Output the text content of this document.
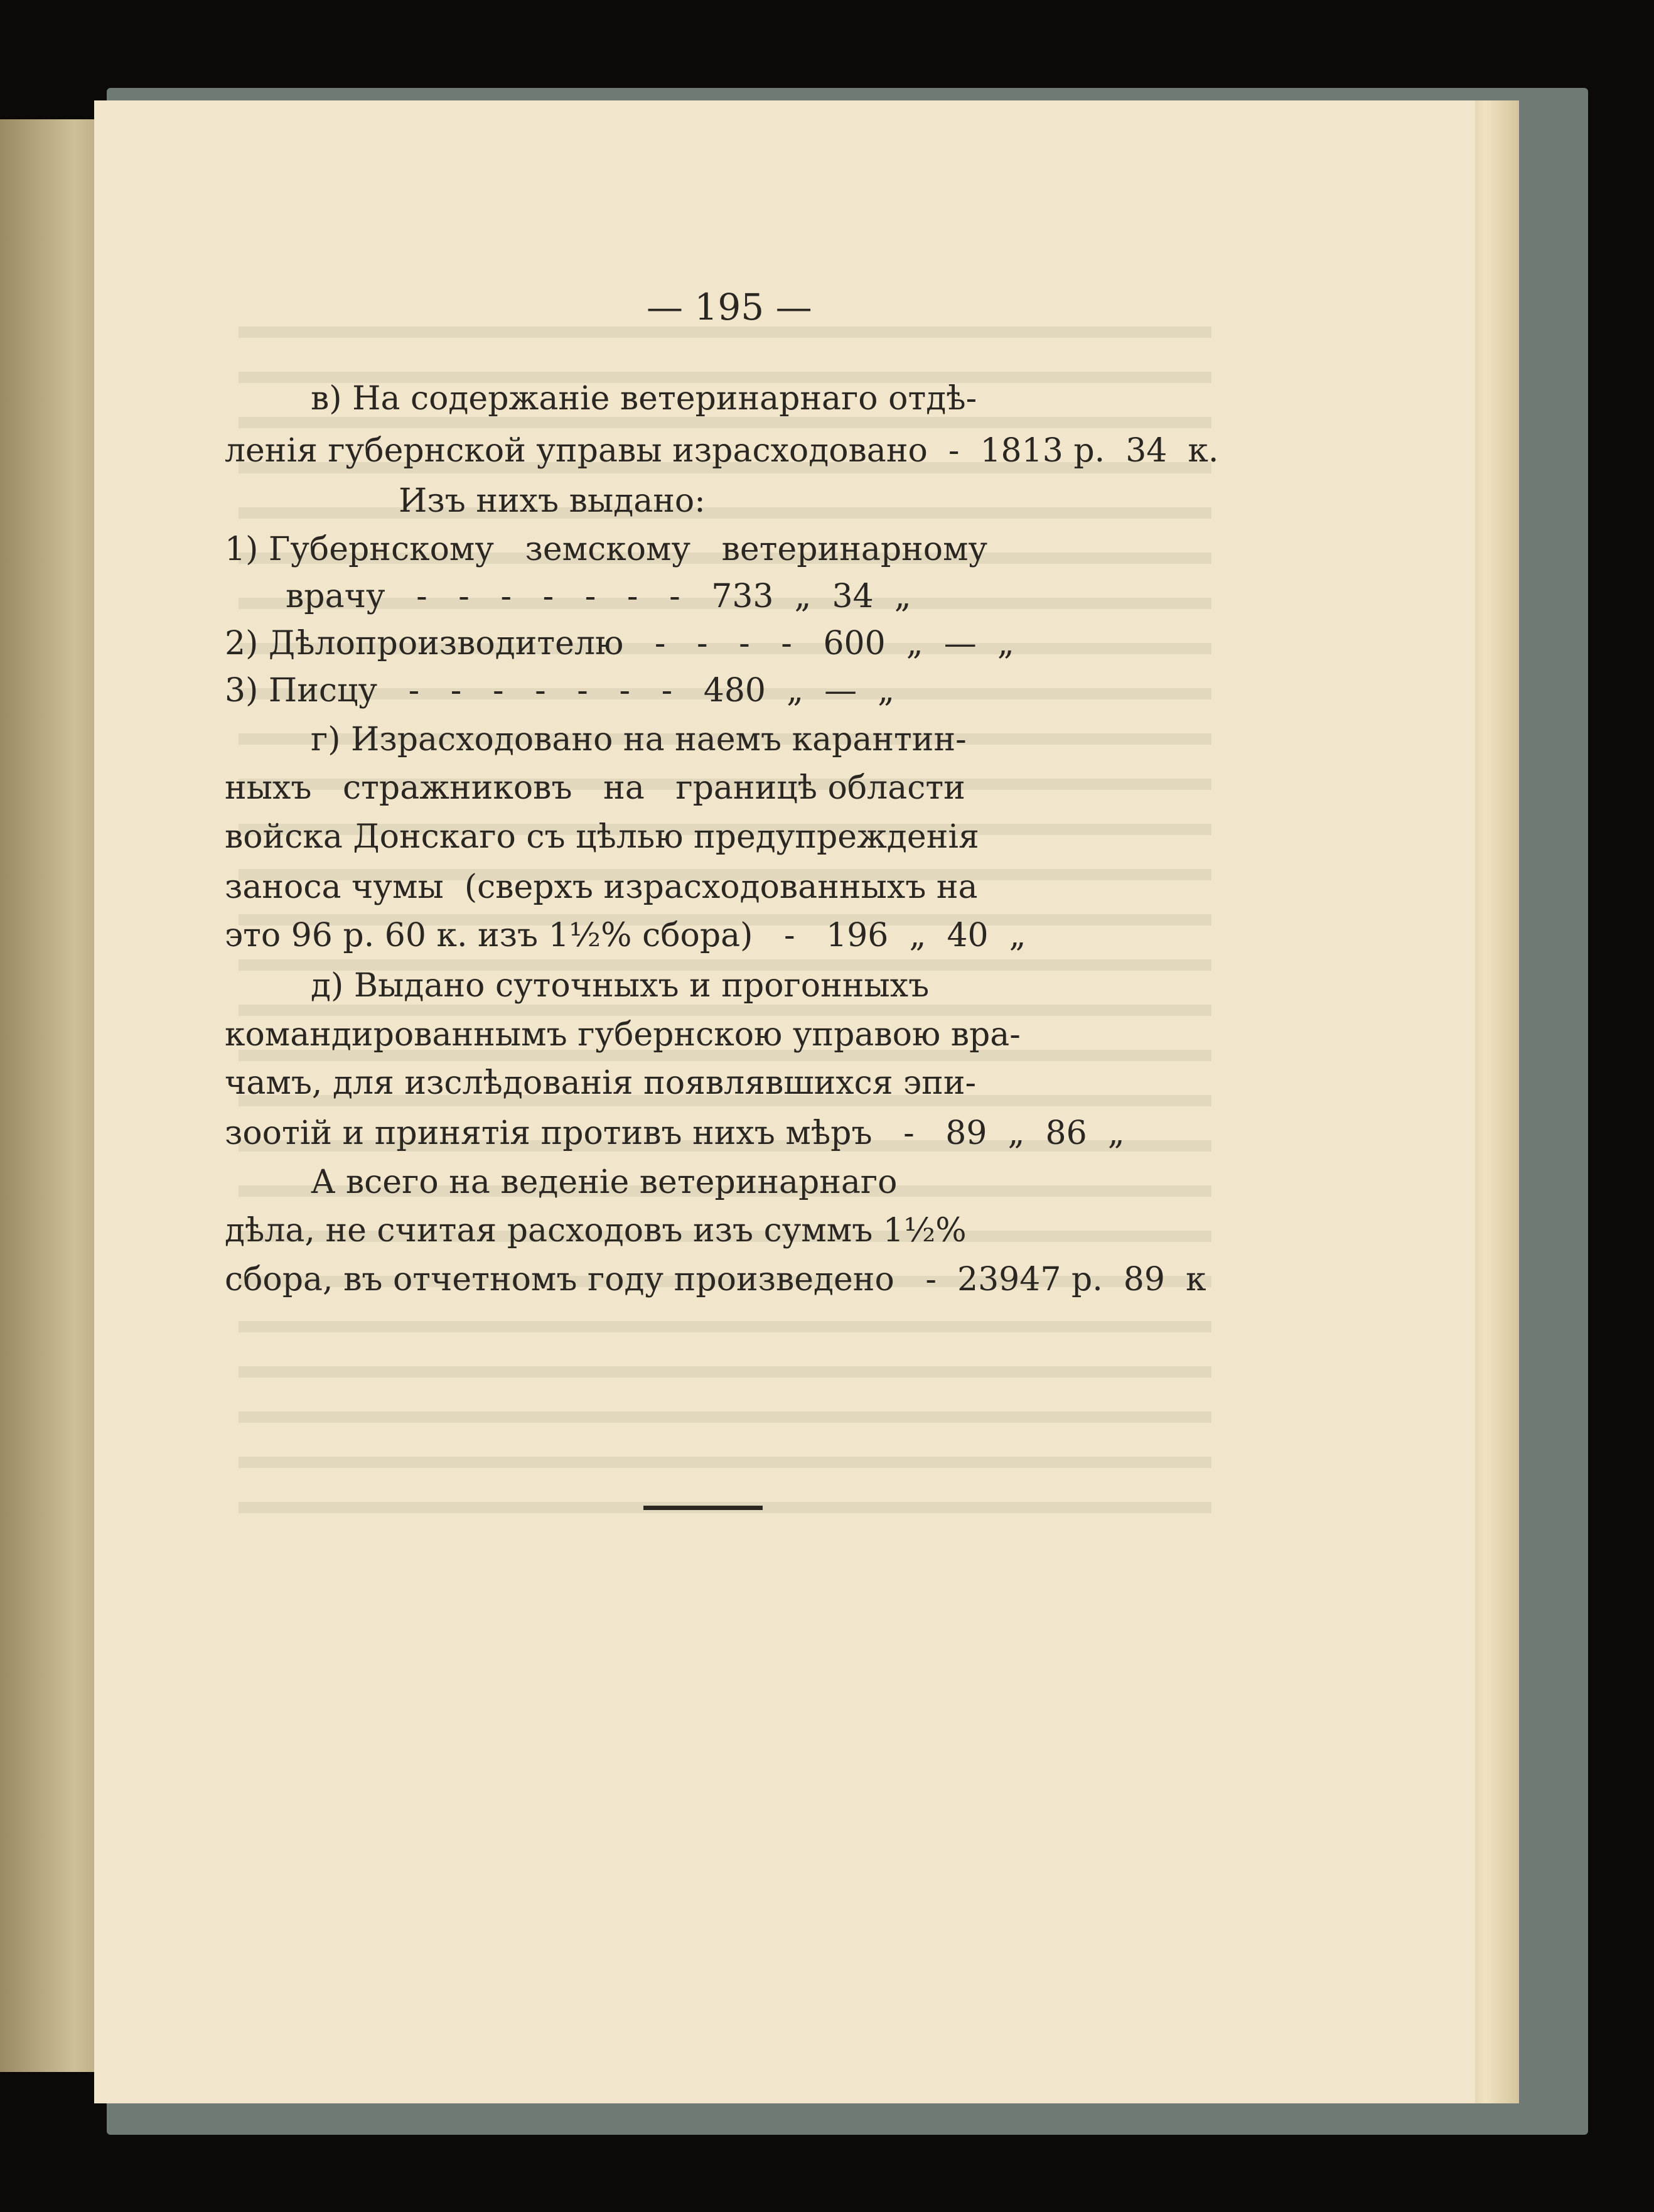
— 195 —
в) На содержаніе ветеринарнаго отдѣ-
ленія губернской управы израсходовано  -  1813 р.  34  к.
Изъ нихъ выдано:
1) Губернскому   земскому   ветеринарному
врачу   -   -   -   -   -   -   -   733  „  34  „
2) Дѣлопроизводителю   -   -   -   -   600  „  —  „
3) Писцу   -   -   -   -   -   -   -   480  „  —  „
г) Израсходовано на наемъ карантин-
ныхъ   стражниковъ   на   границѣ области
войска Донскаго съ цѣлью предупрежденія
заноса чумы  (сверхъ израсходованныхъ на
это 96 р. 60 к. изъ 1½% сбора)   -   196  „  40  „
д) Выдано суточныхъ и прогонныхъ
командированнымъ губернскою управою вра-
чамъ, для изслѣдованія появлявшихся эпи-
зоотій и принятія противъ нихъ мѣръ   -   89  „  86  „
А всего на веденіе ветеринарнаго
дѣла, не считая расходовъ изъ суммъ 1½%
сбора, въ отчетномъ году произведено   -  23947 р.  89  к
